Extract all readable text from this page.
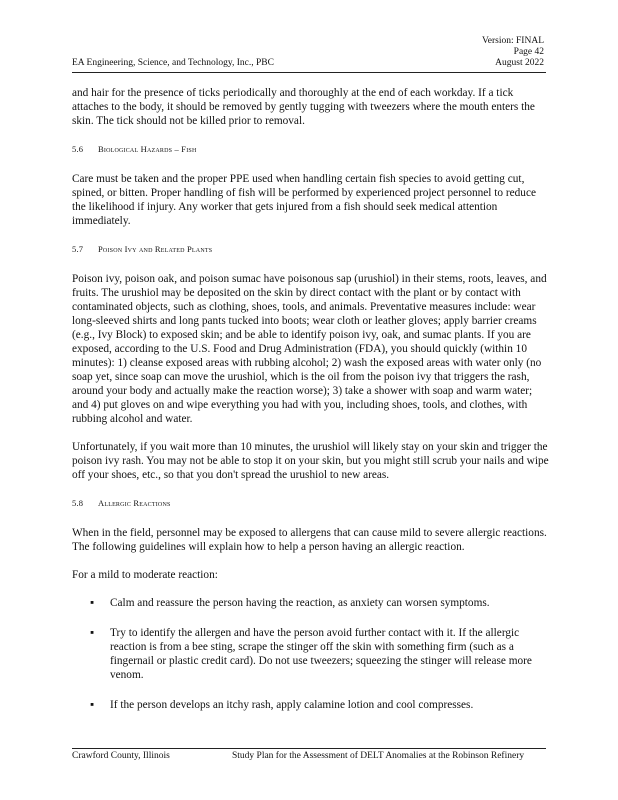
Version: FINAL
Page 42
August 2022
EA Engineering, Science, and Technology, Inc., PBC

and hair for the presence of ticks periodically and thoroughly at the end of each workday. If a tick attaches to the body, it should be removed by gently tugging with tweezers where the mouth enters the skin. The tick should not be killed prior to removal.

5.6 Biological Hazards – Fish

Care must be taken and the proper PPE used when handling certain fish species to avoid getting cut, spined, or bitten. Proper handling of fish will be performed by experienced project personnel to reduce the likelihood if injury. Any worker that gets injured from a fish should seek medical attention immediately.

5.7 Poison Ivy and Related Plants

Poison ivy, poison oak, and poison sumac have poisonous sap (urushiol) in their stems, roots, leaves, and fruits. The urushiol may be deposited on the skin by direct contact with the plant or by contact with contaminated objects, such as clothing, shoes, tools, and animals. Preventative measures include: wear long-sleeved shirts and long pants tucked into boots; wear cloth or leather gloves; apply barrier creams (e.g., Ivy Block) to exposed skin; and be able to identify poison ivy, oak, and sumac plants. If you are exposed, according to the U.S. Food and Drug Administration (FDA), you should quickly (within 10 minutes): 1) cleanse exposed areas with rubbing alcohol; 2) wash the exposed areas with water only (no soap yet, since soap can move the urushiol, which is the oil from the poison ivy that triggers the rash, around your body and actually make the reaction worse); 3) take a shower with soap and warm water; and 4) put gloves on and wipe everything you had with you, including shoes, tools, and clothes, with rubbing alcohol and water.

Unfortunately, if you wait more than 10 minutes, the urushiol will likely stay on your skin and trigger the poison ivy rash. You may not be able to stop it on your skin, but you might still scrub your nails and wipe off your shoes, etc., so that you don't spread the urushiol to new areas.

5.8 Allergic Reactions

When in the field, personnel may be exposed to allergens that can cause mild to severe allergic reactions. The following guidelines will explain how to help a person having an allergic reaction.

For a mild to moderate reaction:

▪ Calm and reassure the person having the reaction, as anxiety can worsen symptoms.
▪ Try to identify the allergen and have the person avoid further contact with it. If the allergic reaction is from a bee sting, scrape the stinger off the skin with something firm (such as a fingernail or plastic credit card). Do not use tweezers; squeezing the stinger will release more venom.
▪ If the person develops an itchy rash, apply calamine lotion and cool compresses.
Crawford County, Illinois	Study Plan for the Assessment of DELT Anomalies at the Robinson Refinery
